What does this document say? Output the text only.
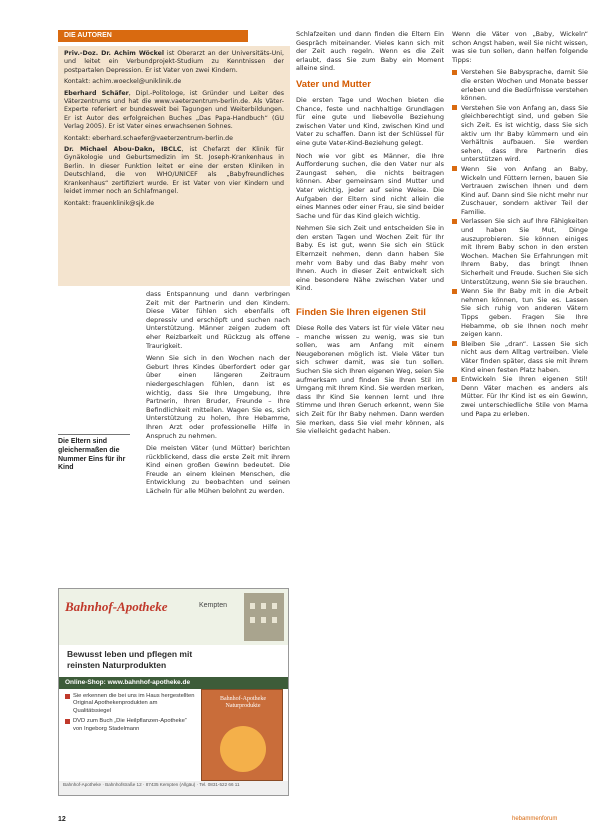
DIE AUTOREN

Priv.-Doz. Dr. Achim Wöckel ist Oberarzt an der Universitäts-Uni, und leitet ein Verbundprojekt-Studium zu Kenntnissen der postpartalen Depression. Er ist Vater von zwei Kindern.

Kontakt: achim.woeckel@uniklinik.de

Eberhard Schäfer, Dipl.-Politologe, ist Gründer und Leiter des Väterzentrums und hat die www.vaeterzentrum-berlin.de. Als Väter-Experte referiert er bundesweit bei Tagungen und Weiterbildungen. Er ist Autor des erfolgreichen Buches „Das Papa-Handbuch“ (GU Verlag 2005). Er ist Vater eines erwachsenen Sohnes.

Kontakt: eberhard.schaefer@vaeterzentrum-berlin.de

Dr. Michael Abou-Dakn, IBCLC, ist Chefarzt der Klinik für Gynäkologie und Geburtsmedizin im St. Joseph-Krankenhaus in Berlin. In dieser Funktion leitet er eine der ersten Kliniken in Deutschland, die von WHO/UNICEF als „Babyfreundliches Krankenhaus“ zertifiziert wurde. Er ist Vater von vier Kindern und leidet immer noch an Schlafmangel.

Kontakt: frauenklinik@sjk.de

dass Entspannung und dann verbringen Zeit mit der Partnerin und den Kindern. Diese Väter fühlen sich ebenfalls oft depressiv und erschöpft und suchen nach Unterstützung. Männer zeigen zudem oft eher Reizbarkeit und Rückzug als offene Traurigkeit.

Wenn Sie sich in den Wochen nach der Geburt Ihres Kindes überfordert oder gar über einen längeren Zeitraum niedergeschlagen fühlen, dann ist es wichtig, dass Sie Ihre Umgebung, Ihre Partnerin, Ihren Bruder, Freunde – Ihre Befindlichkeit mitteilen. Wagen Sie es, sich Unterstützung zu holen, Ihre Hebamme, Ihren Arzt oder professionelle Hilfe in Anspruch zu nehmen.

Die meisten Väter (und Mütter) berichten rückblickend, dass die erste Zeit mit ihrem Kind einen großen Gewinn bedeutet. Die Freude an einem kleinen Menschen, die Entwicklung zu beobachten und seinen Lächeln für alle Mühen belohnt zu werden.

Die Eltern sind gleichermaßen die Nummer Eins für ihr Kind
Bahnhof-Apotheke	Kempten
Bewusst leben und pflegen mit reinsten Naturprodukten
Online-Shop: www.bahnhof-apotheke.de
Sie erkennen die bei uns im Haus hergestellten Original Apothekenprodukten am Qualitätssiegel
DVD zum Buch „Die Heilpflanzen-Apotheke“ von Ingeborg Stadelmann
Bahnhof-Apotheke Naturprodukte
Bahnhof-Apotheke · Bahnhofstraße 12 · 87435 Kempten (Allgäu) · Tel. 0831-522 66 11

Schlafzeiten und dann finden die Eltern Ein Gespräch miteinander. Vieles kann sich mit der Zeit auch regeln. Wenn es die Zeit erlaubt, dass Sie zum Baby ein Moment alleine sind.

Vater und Mutter

Die ersten Tage und Wochen bieten die Chance, feste und nachhaltige Grundlagen für eine gute und liebevolle Beziehung zwischen Vater und Kind, zwischen Kind und Vater zu schaffen. Dann ist der Schlüssel für eine gute Vater-Kind-Beziehung gelegt.

Noch wie vor gibt es Männer, die Ihre Aufforderung suchen, die den Vater nur als Zaungast sehen, die nichts beitragen können. Aber gemeinsam sind Mutter und Vater wichtig, jeder auf seine Weise. Die Aufgaben der Eltern sind nicht allein die eines Mannes oder einer Frau, sie sind beider Sache und für das Kind gleich wichtig.

Nehmen Sie sich Zeit und entscheiden Sie in den ersten Tagen und Wochen Zeit für Ihr Baby. Es ist gut, wenn Sie sich ein Stück Elternzeit nehmen, denn dann haben Sie mehr vom Baby und das Baby mehr von Ihnen. Auch in dieser Zeit entwickelt sich eine besondere Nähe zwischen Vater und Kind.

Finden Sie Ihren eigenen Stil

Diese Rolle des Vaters ist für viele Väter neu – manche wissen zu wenig, was sie tun sollen, was am Anfang mit einem Neugeborenen möglich ist. Viele Väter tun sich schwer damit, was sie tun sollen. Suchen Sie sich Ihren eigenen Weg, seien Sie aufmerksam und finden Sie Ihren Stil im Umgang mit Ihrem Kind. Sie werden merken, dass Ihr Kind Sie kennen lernt und Ihre Stimme und Ihren Geruch erkennt, wenn Sie sich Zeit für Ihr Baby nehmen. Dann werden Sie merken, dass Sie viel mehr können, als Sie vielleicht gedacht haben.

Wenn die Väter von „Baby, Wickeln“ schon Angst haben, weil Sie nicht wissen, was sie tun sollen, dann helfen folgende Tipps:

Verstehen Sie Babysprache, damit Sie die ersten Wochen und Monate besser erleben und die Bedürfnisse verstehen können.
Verstehen Sie von Anfang an, dass Sie gleichberechtigt sind, und geben Sie sich Zeit. Es ist wichtig, dass Sie sich aktiv um Ihr Baby kümmern und ein Verhältnis aufbauen. Sie werden sehen, dass Ihre Partnerin dies unterstützen wird.
Wenn Sie von Anfang an Baby, Wickeln und Füttern lernen, bauen Sie Vertrauen zwischen Ihnen und dem Kind auf. Dann sind Sie nicht mehr nur Zuschauer, sondern aktiver Teil der Familie.
Verlassen Sie sich auf Ihre Fähigkeiten und haben Sie Mut, Dinge auszuprobieren. Sie können einiges mit Ihrem Baby schon in den ersten Wochen. Machen Sie Erfahrungen mit Ihrem Baby, das bringt Ihnen Sicherheit und Freude. Suchen Sie sich Unterstützung, wenn Sie sie brauchen.
Wenn Sie Ihr Baby mit in die Arbeit nehmen können, tun Sie es. Lassen Sie sich ruhig von anderen Vätern Tipps geben. Fragen Sie Ihre Hebamme, ob sie Ihnen noch mehr zeigen kann.
Bleiben Sie „dran“. Lassen Sie sich nicht aus dem Alltag vertreiben. Viele Väter finden später, dass sie mit ihrem Kind einen festen Platz haben.
Entwickeln Sie Ihren eigenen Stil! Denn Väter machen es anders als Mütter. Für Ihr Kind ist es ein Gewinn, zwei unterschiedliche Stile von Mama und Papa zu erleben.
12	hebammenforum
